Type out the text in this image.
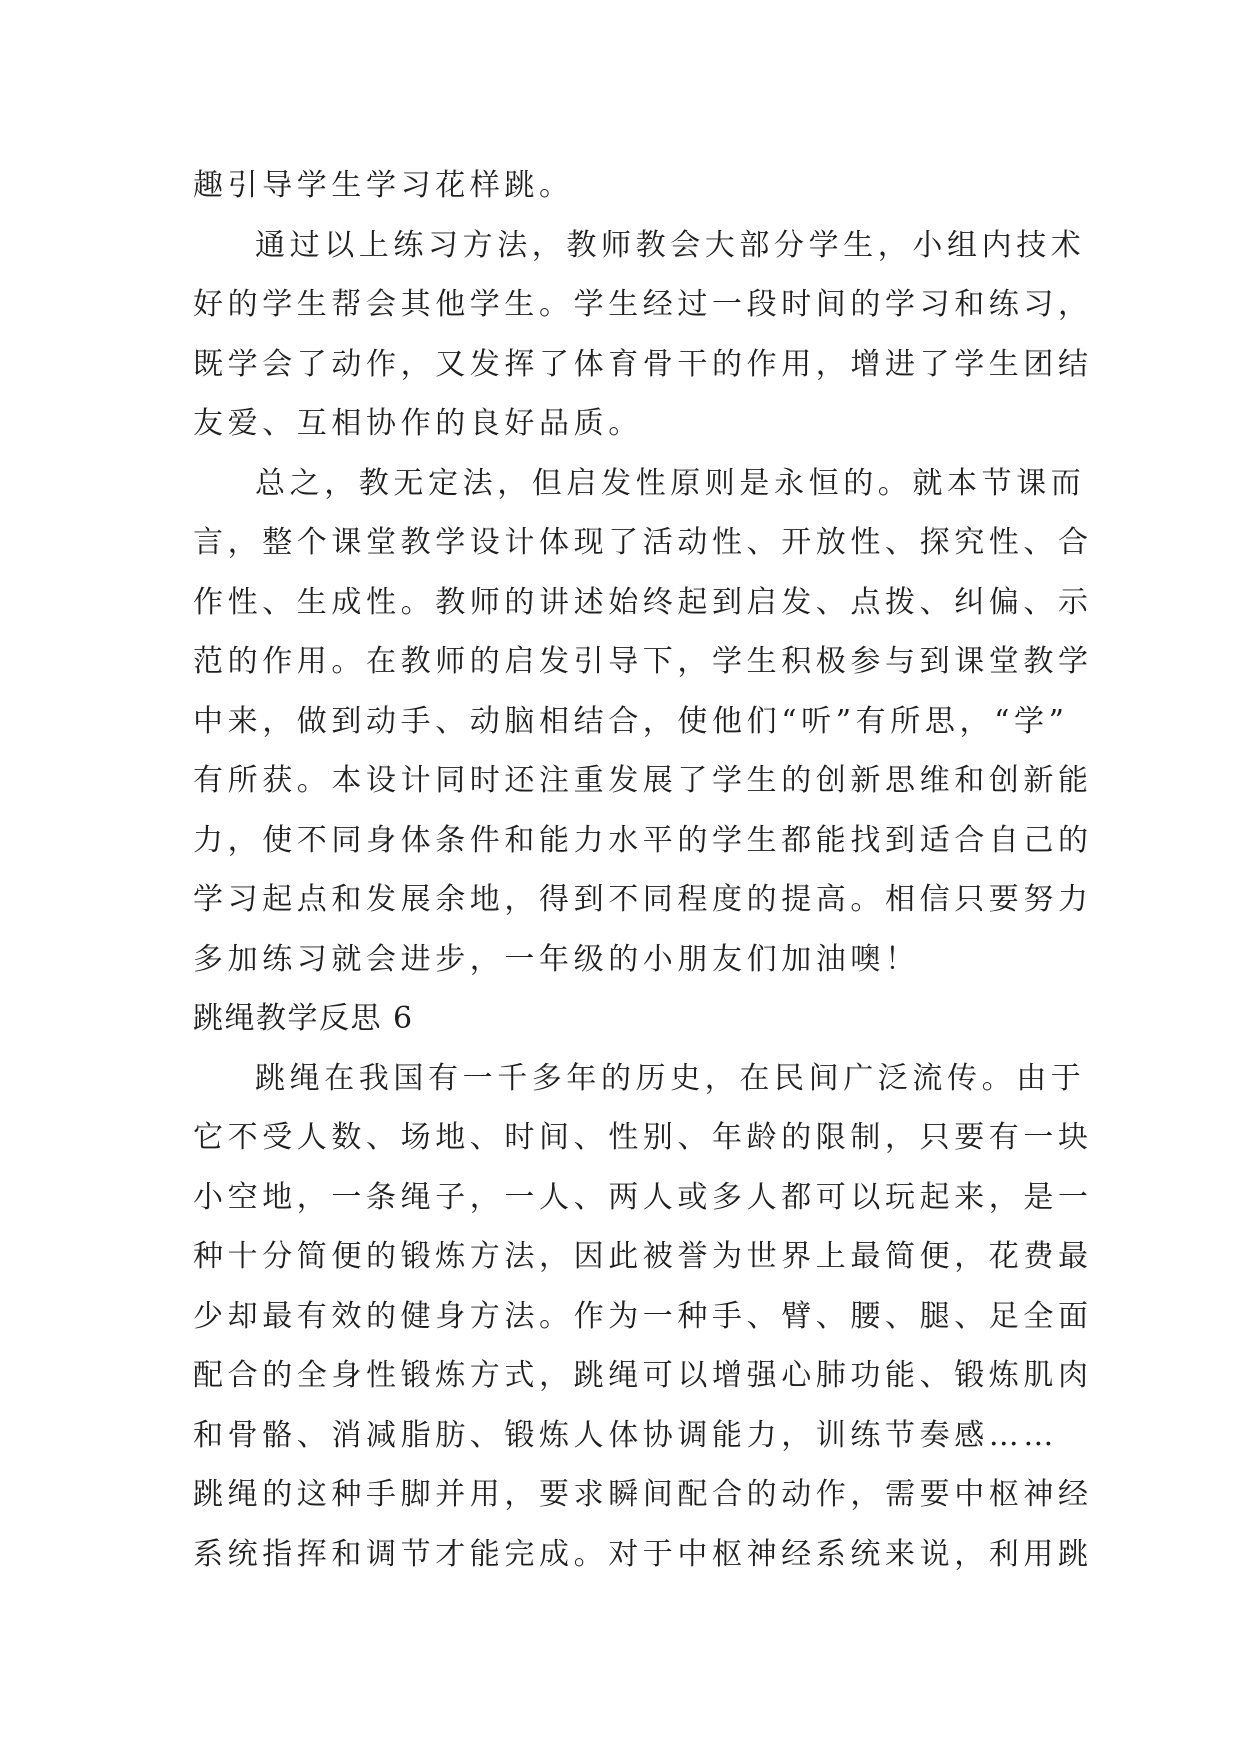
趣引导学生学习花样跳。
通过以上练习方法，教师教会大部分学生，小组内技术
好的学生帮会其他学生。学生经过一段时间的学习和练习，
既学会了动作，又发挥了体育骨干的作用，增进了学生团结
友爱、互相协作的良好品质。
总之，教无定法，但启发性原则是永恒的。就本节课而
言，整个课堂教学设计体现了活动性、开放性、探究性、合
作性、生成性。教师的讲述始终起到启发、点拨、纠偏、示
范的作用。在教师的启发引导下，学生积极参与到课堂教学
中来，做到动手、动脑相结合，使他们“听”有所思，“学”
有所获。本设计同时还注重发展了学生的创新思维和创新能
力，使不同身体条件和能力水平的学生都能找到适合自己的
学习起点和发展余地，得到不同程度的提高。相信只要努力
多加练习就会进步，一年级的小朋友们加油噢！
跳绳教学反思 6
跳绳在我国有一千多年的历史，在民间广泛流传。由于
它不受人数、场地、时间、性别、年龄的限制，只要有一块
小空地，一条绳子，一人、两人或多人都可以玩起来，是一
种十分简便的锻炼方法，因此被誉为世界上最简便，花费最
少却最有效的健身方法。作为一种手、臂、腰、腿、足全面
配合的全身性锻炼方式，跳绳可以增强心肺功能、锻炼肌肉
和骨骼、消减脂肪、锻炼人体协调能力，训练节奏感……
跳绳的这种手脚并用，要求瞬间配合的动作，需要中枢神经
系统指挥和调节才能完成。对于中枢神经系统来说，利用跳
